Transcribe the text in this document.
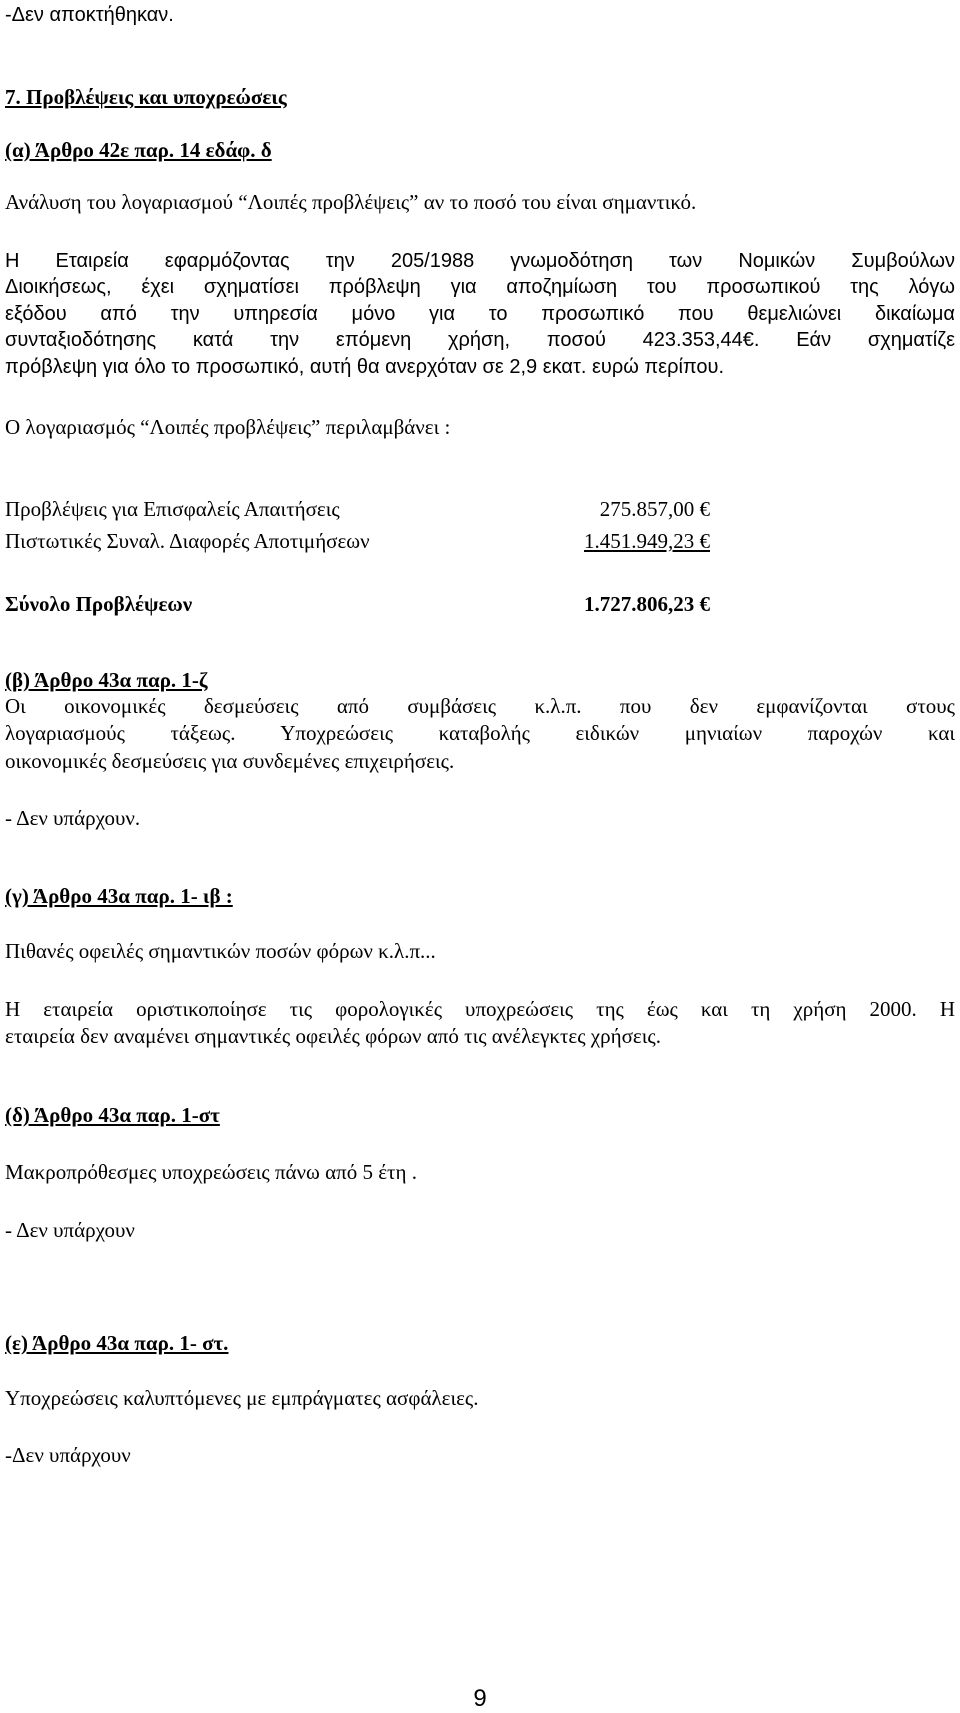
-Δεν αποκτήθηκαν.
7. Προβλέψεις και υποχρεώσεις
(α) Άρθρο 42ε παρ. 14 εδάφ. δ
Ανάλυση του λογαριασμού “Λοιπές προβλέψεις” αν το ποσό του είναι σημαντικό.
Η Εταιρεία εφαρμόζοντας την 205/1988 γνωμοδότηση των Νομικών Συμβούλων
Διοικήσεως, έχει σχηματίσει πρόβλεψη για αποζημίωση του προσωπικού της λόγω
εξόδου από την υπηρεσία μόνο για το προσωπικό που θεμελιώνει δικαίωμα
συνταξιοδότησης κατά την επόμενη χρήση, ποσού 423.353,44€. Εάν σχηματίζε
πρόβλεψη για όλο το προσωπικό, αυτή θα ανερχόταν σε 2,9 εκατ. ευρώ περίπου.
Ο λογαριασμός “Λοιπές προβλέψεις” περιλαμβάνει :
Προβλέψεις για Επισφαλείς Απαιτήσεις	275.857,00 €
Πιστωτικές Συναλ. Διαφορές Αποτιμήσεων	1.451.949,23 €
Σύνολο Προβλέψεων	1.727.806,23 €
(β) Άρθρο 43α παρ. 1-ζ
Οι οικονομικές δεσμεύσεις από συμβάσεις κ.λ.π. που δεν εμφανίζονται στους
λογαριασμούς τάξεως. Υποχρεώσεις καταβολής ειδικών μηνιαίων παροχών και
οικονομικές δεσμεύσεις για συνδεμένες επιχειρήσεις.
- Δεν υπάρχουν.
(γ) Άρθρο 43α παρ. 1- ιβ :
Πιθανές οφειλές σημαντικών ποσών φόρων κ.λ.π...
Η εταιρεία οριστικοποίησε τις φορολογικές υποχρεώσεις της έως και τη χρήση 2000. Η
εταιρεία δεν αναμένει σημαντικές οφειλές φόρων από τις ανέλεγκτες χρήσεις.
(δ) Άρθρο 43α παρ. 1-στ
Μακροπρόθεσμες υποχρεώσεις πάνω από 5 έτη .
- Δεν υπάρχουν
(ε) Άρθρο 43α παρ. 1- στ.
Υποχρεώσεις καλυπτόμενες με εμπράγματες ασφάλειες.
-Δεν υπάρχουν
9
